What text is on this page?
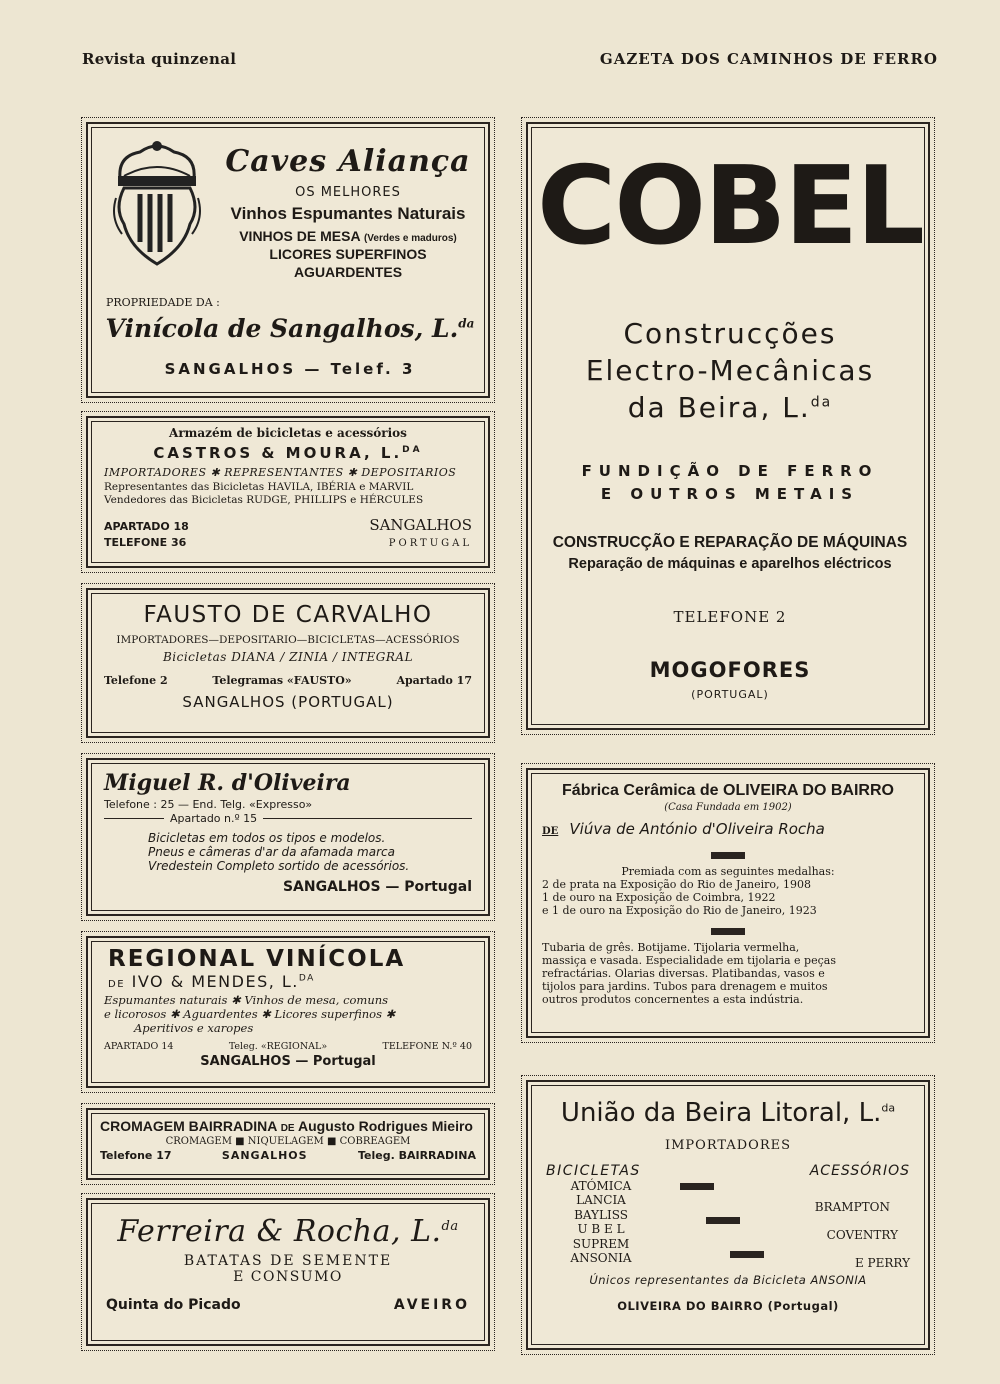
Revista quinzenal	GAZETA DOS CAMINHOS DE FERRO
Caves Aliança
OS MELHORES
Vinhos Espumantes Naturais
VINHOS DE MESA (Verdes e maduros)
LICORES SUPERFINOS
AGUARDENTES
PROPRIEDADE DA :
Vinícola de Sangalhos, L.$^{da}$
SANGALHOS — Telef. 3
Armazém de bicicletas e acessórios
CASTROS & MOURA, L.$^{DA}$
IMPORTADORES ✱ REPRESENTANTES ✱ DEPOSITARIOS
Representantes das Bicicletas HAVILA, IBÉRIA e MARVIL
Vendedores das Bicicletas RUDGE, PHILLIPS e HÉRCULES
APARTADO 18	SANGALHOS
TELEFONE 36	PORTUGAL
FAUSTO DE CARVALHO
IMPORTADORES—DEPOSITARIO—BICICLETAS—ACESSÓRIOS
Bicicletas DIANA / ZINIA / INTEGRAL
Telefone 2	Telegramas «FAUSTO»	Apartado 17
SANGALHOS (PORTUGAL)
Miguel R. d'Oliveira
Telefone : 25 — End. Telg. «Expresso»
Apartado n.º 15
Bicicletas em todos os tipos e modelos.
Pneus e câmeras d'ar da afamada marca
Vredestein Completo sortido de acessórios.
SANGALHOS — Portugal
REGIONAL VINÍCOLA
DE IVO & MENDES, L.$^{DA}$
Espumantes naturais ✱ Vinhos de mesa, comuns
e licorosos ✱ Aguardentes ✱ Licores superfinos ✱
Aperitivos e xaropes
APARTADO 14	Teleg. «REGIONAL»	TELEFONE N.º 40
SANGALHOS — Portugal
CROMAGEM BAIRRADINA DE Augusto Rodrigues Mieiro
CROMAGEM ■ NIQUELAGEM ■ COBREAGEM
Telefone 17	SANGALHOS	Teleg. BAIRRADINA
Ferreira & Rocha, L.$^{da}$
BATATAS DE SEMENTE
E CONSUMO
Quinta do Picado	AVEIRO
COBEL
Construcções
Electro-Mecânicas
da Beira, L.$^{da}$
FUNDIÇÃO DE FERRO
E OUTROS METAIS
CONSTRUCÇÃO E REPARAÇÃO DE MÁQUINAS
Reparação de máquinas e aparelhos eléctricos
TELEFONE 2
MOGOFORES
(PORTUGAL)
Fábrica Cerâmica de OLIVEIRA DO BAIRRO
(Casa Fundada em 1902)
DE Viúva de António d'Oliveira Rocha
Premiada com as seguintes medalhas:
2 de prata na Exposição do Rio de Janeiro, 1908
1 de ouro na Exposição de Coimbra, 1922
e 1 de ouro na Exposição do Rio de Janeiro, 1923
Tubaria de grês. Botijame. Tijolaria vermelha,
massiça e vasada. Especialidade em tijolaria e peças
refractárias. Olarias diversas. Platibandas, vasos e
tijolos para jardins. Tubos para drenagem e muitos
outros produtos concernentes a esta indústria.
União da Beira Litoral, L.$^{da}$
IMPORTADORES
BICICLETAS	ACESSÓRIOS
ATÓMICA
LANCIA
BAYLISS
U B E L
SUPREM
ANSONIA
BRAMPTON
COVENTRY
E PERRY
Únicos representantes da Bicicleta ANSONIA
OLIVEIRA DO BAIRRO (Portugal)
